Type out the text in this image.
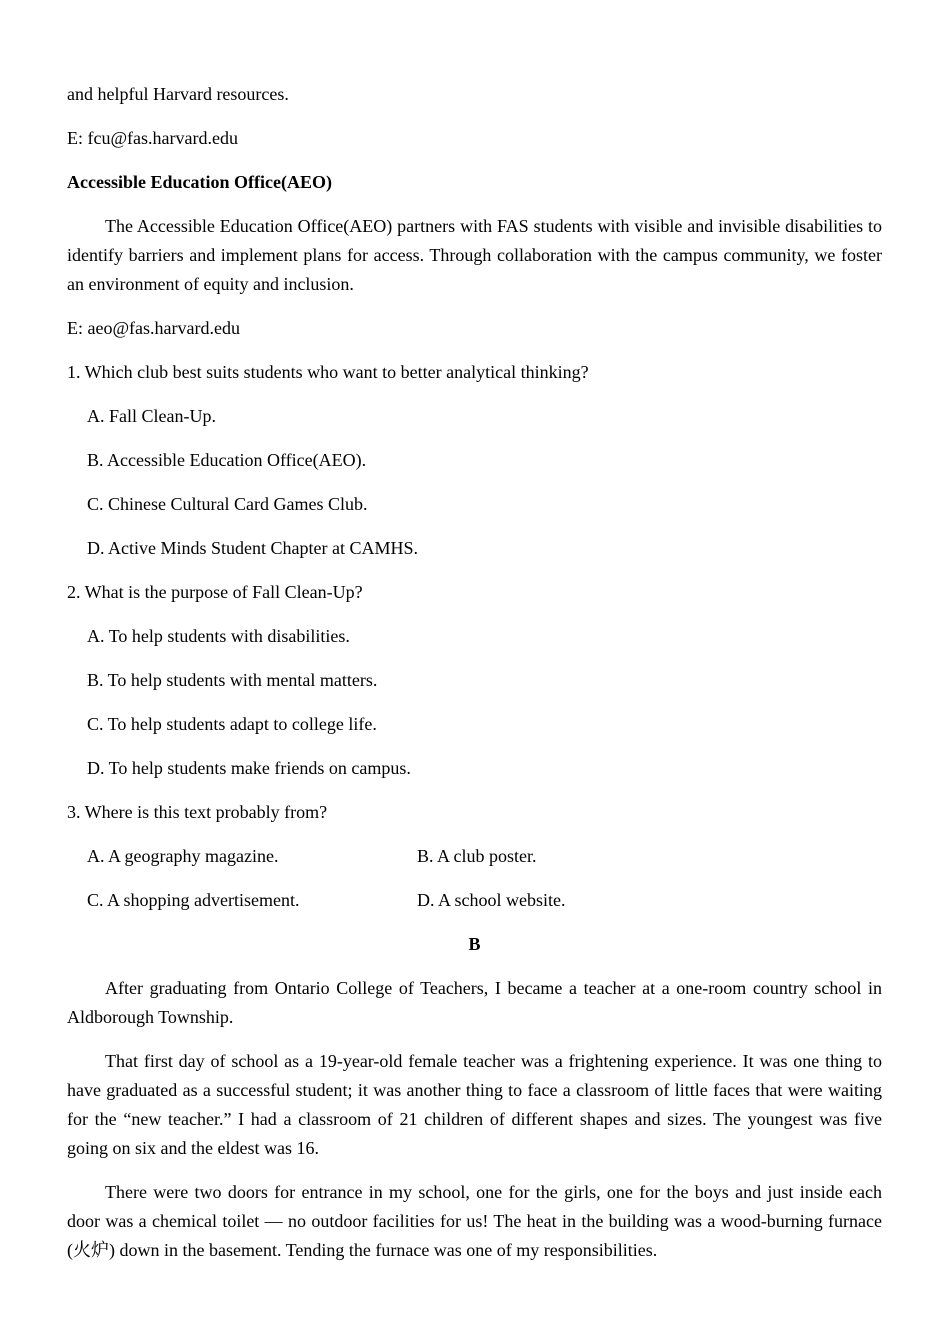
and helpful Harvard resources.

E: fcu@fas.harvard.edu

Accessible Education Office(AEO)

The Accessible Education Office(AEO) partners with FAS students with visible and invisible disabilities to identify barriers and implement plans for access. Through collaboration with the campus community, we foster an environment of equity and inclusion.

E: aeo@fas.harvard.edu

1. Which club best suits students who want to better analytical thinking?

A. Fall Clean-Up.

B. Accessible Education Office(AEO).

C. Chinese Cultural Card Games Club.

D. Active Minds Student Chapter at CAMHS.

2. What is the purpose of Fall Clean-Up?

A. To help students with disabilities.

B. To help students with mental matters.

C. To help students adapt to college life.

D. To help students make friends on campus.

3. Where is this text probably from?

A. A geography magazine.	B. A club poster.
C. A shopping advertisement.	D. A school website.

B

After graduating from Ontario College of Teachers, I became a teacher at a one-room country school in Aldborough Township.

That first day of school as a 19-year-old female teacher was a frightening experience. It was one thing to have graduated as a successful student; it was another thing to face a classroom of little faces that were waiting for the “new teacher.” I had a classroom of 21 children of different shapes and sizes. The youngest was five going on six and the eldest was 16.

There were two doors for entrance in my school, one for the girls, one for the boys and just inside each door was a chemical toilet — no outdoor facilities for us! The heat in the building was a wood-burning furnace (火炉) down in the basement. Tending the furnace was one of my responsibilities.
